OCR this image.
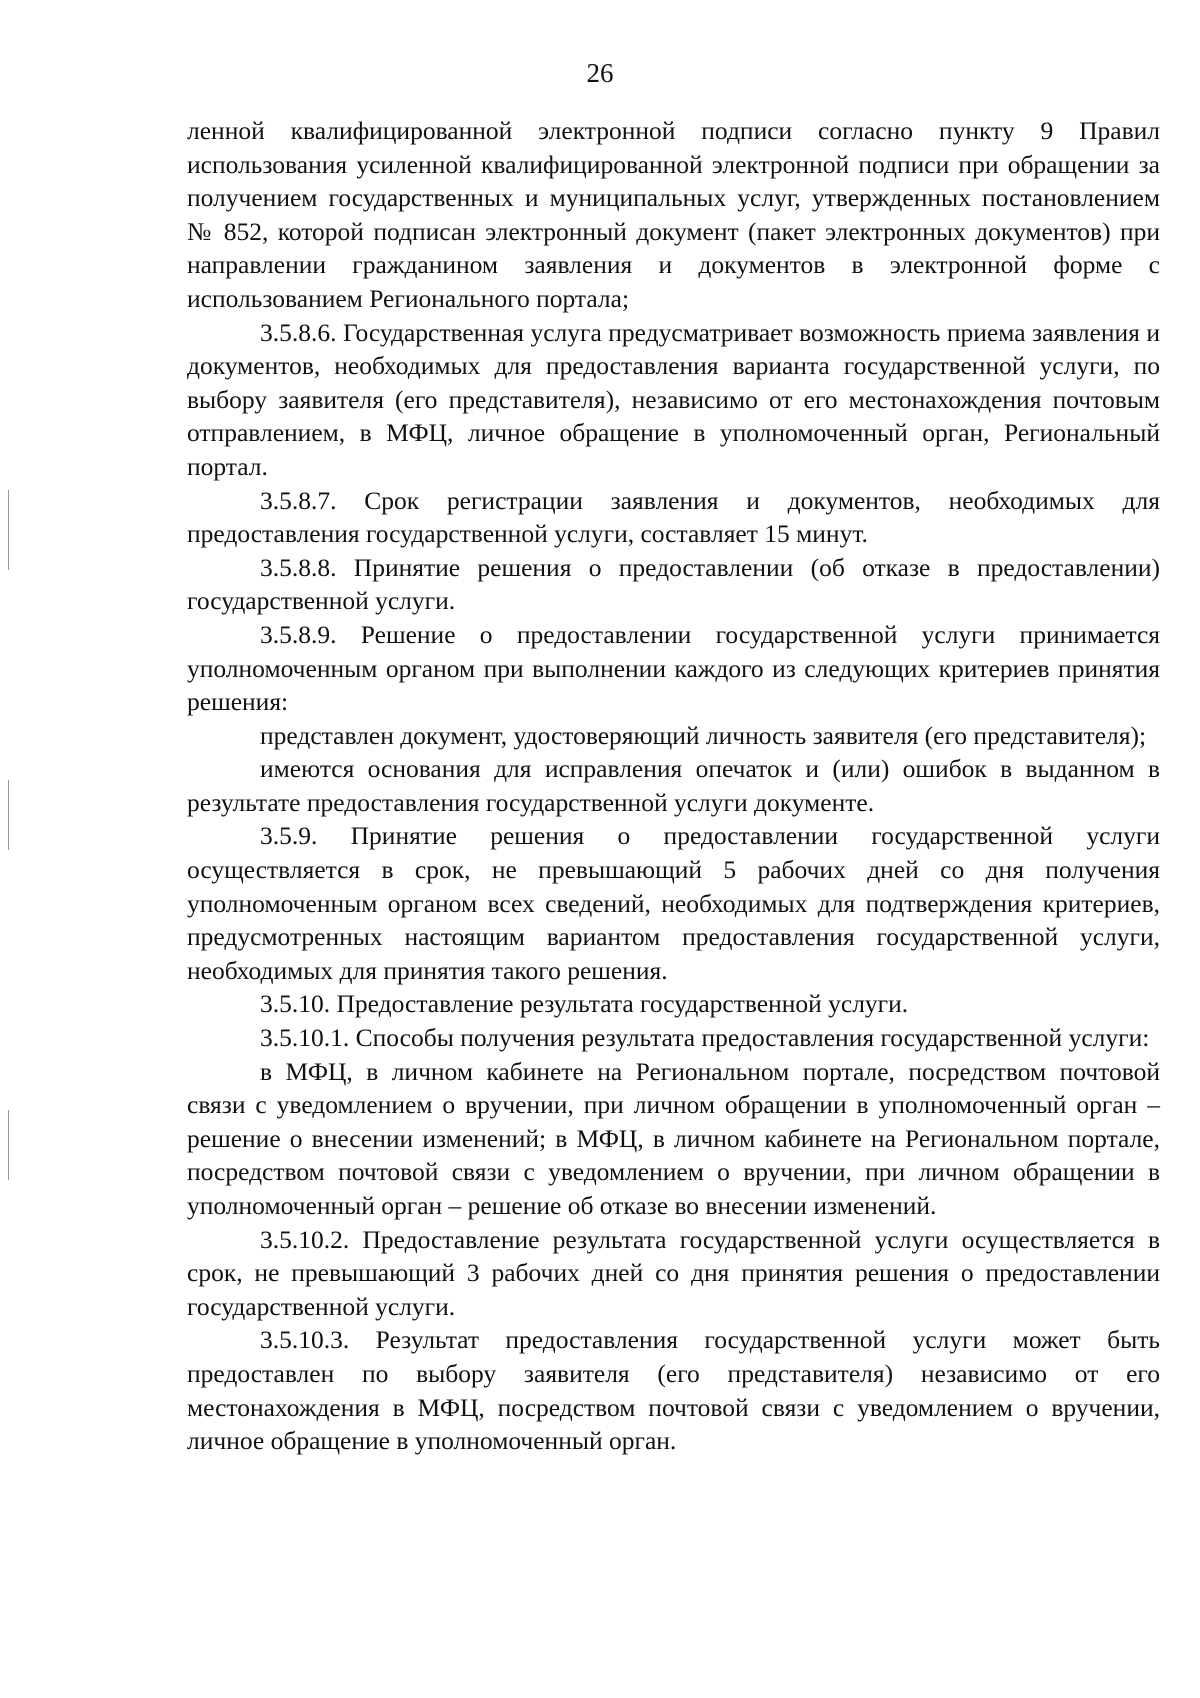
26

ленной квалифицированной электронной подписи согласно пункту 9 Правил использования усиленной квалифицированной электронной подписи при обращении за получением государственных и муниципальных услуг, утвержденных постановлением № 852, которой подписан электронный документ (пакет электронных документов) при направлении гражданином заявления и документов в электронной форме с использованием Регионального портала;

3.5.8.6. Государственная услуга предусматривает возможность приема заявления и документов, необходимых для предоставления варианта государственной услуги, по выбору заявителя (его представителя), независимо от его местонахождения почтовым отправлением, в МФЦ, личное обращение в уполномоченный орган, Региональный портал.

3.5.8.7. Срок регистрации заявления и документов, необходимых для предоставления государственной услуги, составляет 15 минут.

3.5.8.8. Принятие решения о предоставлении (об отказе в предоставлении) государственной услуги.

3.5.8.9. Решение о предоставлении государственной услуги принимается уполномоченным органом при выполнении каждого из следующих критериев принятия решения:

представлен документ, удостоверяющий личность заявителя (его представителя);

имеются основания для исправления опечаток и (или) ошибок в выданном в результате предоставления государственной услуги документе.

3.5.9. Принятие решения о предоставлении государственной услуги осуществляется в срок, не превышающий 5 рабочих дней со дня получения уполномоченным органом всех сведений, необходимых для подтверждения критериев, предусмотренных настоящим вариантом предоставления государственной услуги, необходимых для принятия такого решения.

3.5.10. Предоставление результата государственной услуги.

3.5.10.1. Способы получения результата предоставления государственной услуги:

в МФЦ, в личном кабинете на Региональном портале, посредством почтовой связи с уведомлением о вручении, при личном обращении в уполномоченный орган – решение о внесении изменений; в МФЦ, в личном кабинете на Региональном портале, посредством почтовой связи с уведомлением о вручении, при личном обращении в уполномоченный орган – решение об отказе во внесении изменений.

3.5.10.2. Предоставление результата государственной услуги осуществляется в срок, не превышающий 3 рабочих дней со дня принятия решения о предоставлении государственной услуги.

3.5.10.3. Результат предоставления государственной услуги может быть предоставлен по выбору заявителя (его представителя) независимо от его местонахождения в МФЦ, посредством почтовой связи с уведомлением о вручении, личное обращение в уполномоченный орган.
